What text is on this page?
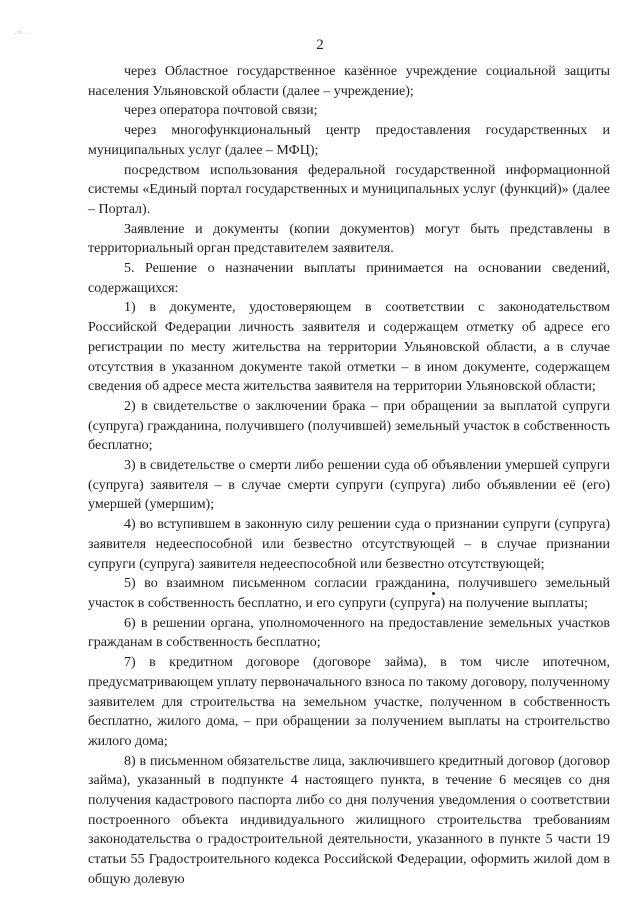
·ꞌꞌ· ·
2

через Областное государственное казённое учреждение социальной защиты населения Ульяновской области (далее – учреждение);

через оператора почтовой связи;

через многофункциональный центр предоставления государственных и муниципальных услуг (далее – МФЦ);

посредством использования федеральной государственной информационной системы «Единый портал государственных и муниципальных услуг (функций)» (далее – Портал).

Заявление и документы (копии документов) могут быть представлены в территориальный орган представителем заявителя.

5. Решение о назначении выплаты принимается на основании сведений, содержащихся:

1) в документе, удостоверяющем в соответствии с законодательством Российской Федерации личность заявителя и содержащем отметку об адресе его регистрации по месту жительства на территории Ульяновской области, а в случае отсутствия в указанном документе такой отметки – в ином документе, содержащем сведения об адресе места жительства заявителя на территории Ульяновской области;

2) в свидетельстве о заключении брака – при обращении за выплатой супруги (супруга) гражданина, получившего (получившей) земельный участок в собственность бесплатно;

3) в свидетельстве о смерти либо решении суда об объявлении умершей супруги (супруга) заявителя – в случае смерти супруги (супруга) либо объявлении её (его) умершей (умершим);

4) во вступившем в законную силу решении суда о признании супруги (супруга) заявителя недееспособной или безвестно отсутствующей – в случае признании супруги (супруга) заявителя недееспособной или безвестно отсутствующей;

5) во взаимном письменном согласии гражданина, получившего земельный участок в собственность бесплатно, и его супруги (супруга) на получение выплаты;

6) в решении органа, уполномоченного на предоставление земельных участков гражданам в собственность бесплатно;

7) в кредитном договоре (договоре займа), в том числе ипотечном, предусматривающем уплату первоначального взноса по такому договору, полученному заявителем для строительства на земельном участке, полученном в собственность бесплатно, жилого дома, – при обращении за получением выплаты на строительство жилого дома;

8) в письменном обязательстве лица, заключившего кредитный договор (договор займа), указанный в подпункте 4 настоящего пункта, в течение 6 месяцев со дня получения кадастрового паспорта либо со дня получения уведомления о соответствии построенного объекта индивидуального жилищного строительства требованиям законодательства о градостроительной деятельности, указанного в пункте 5 части 19 статьи 55 Градостроительного кодекса Российской Федерации, оформить жилой дом в общую долевую
